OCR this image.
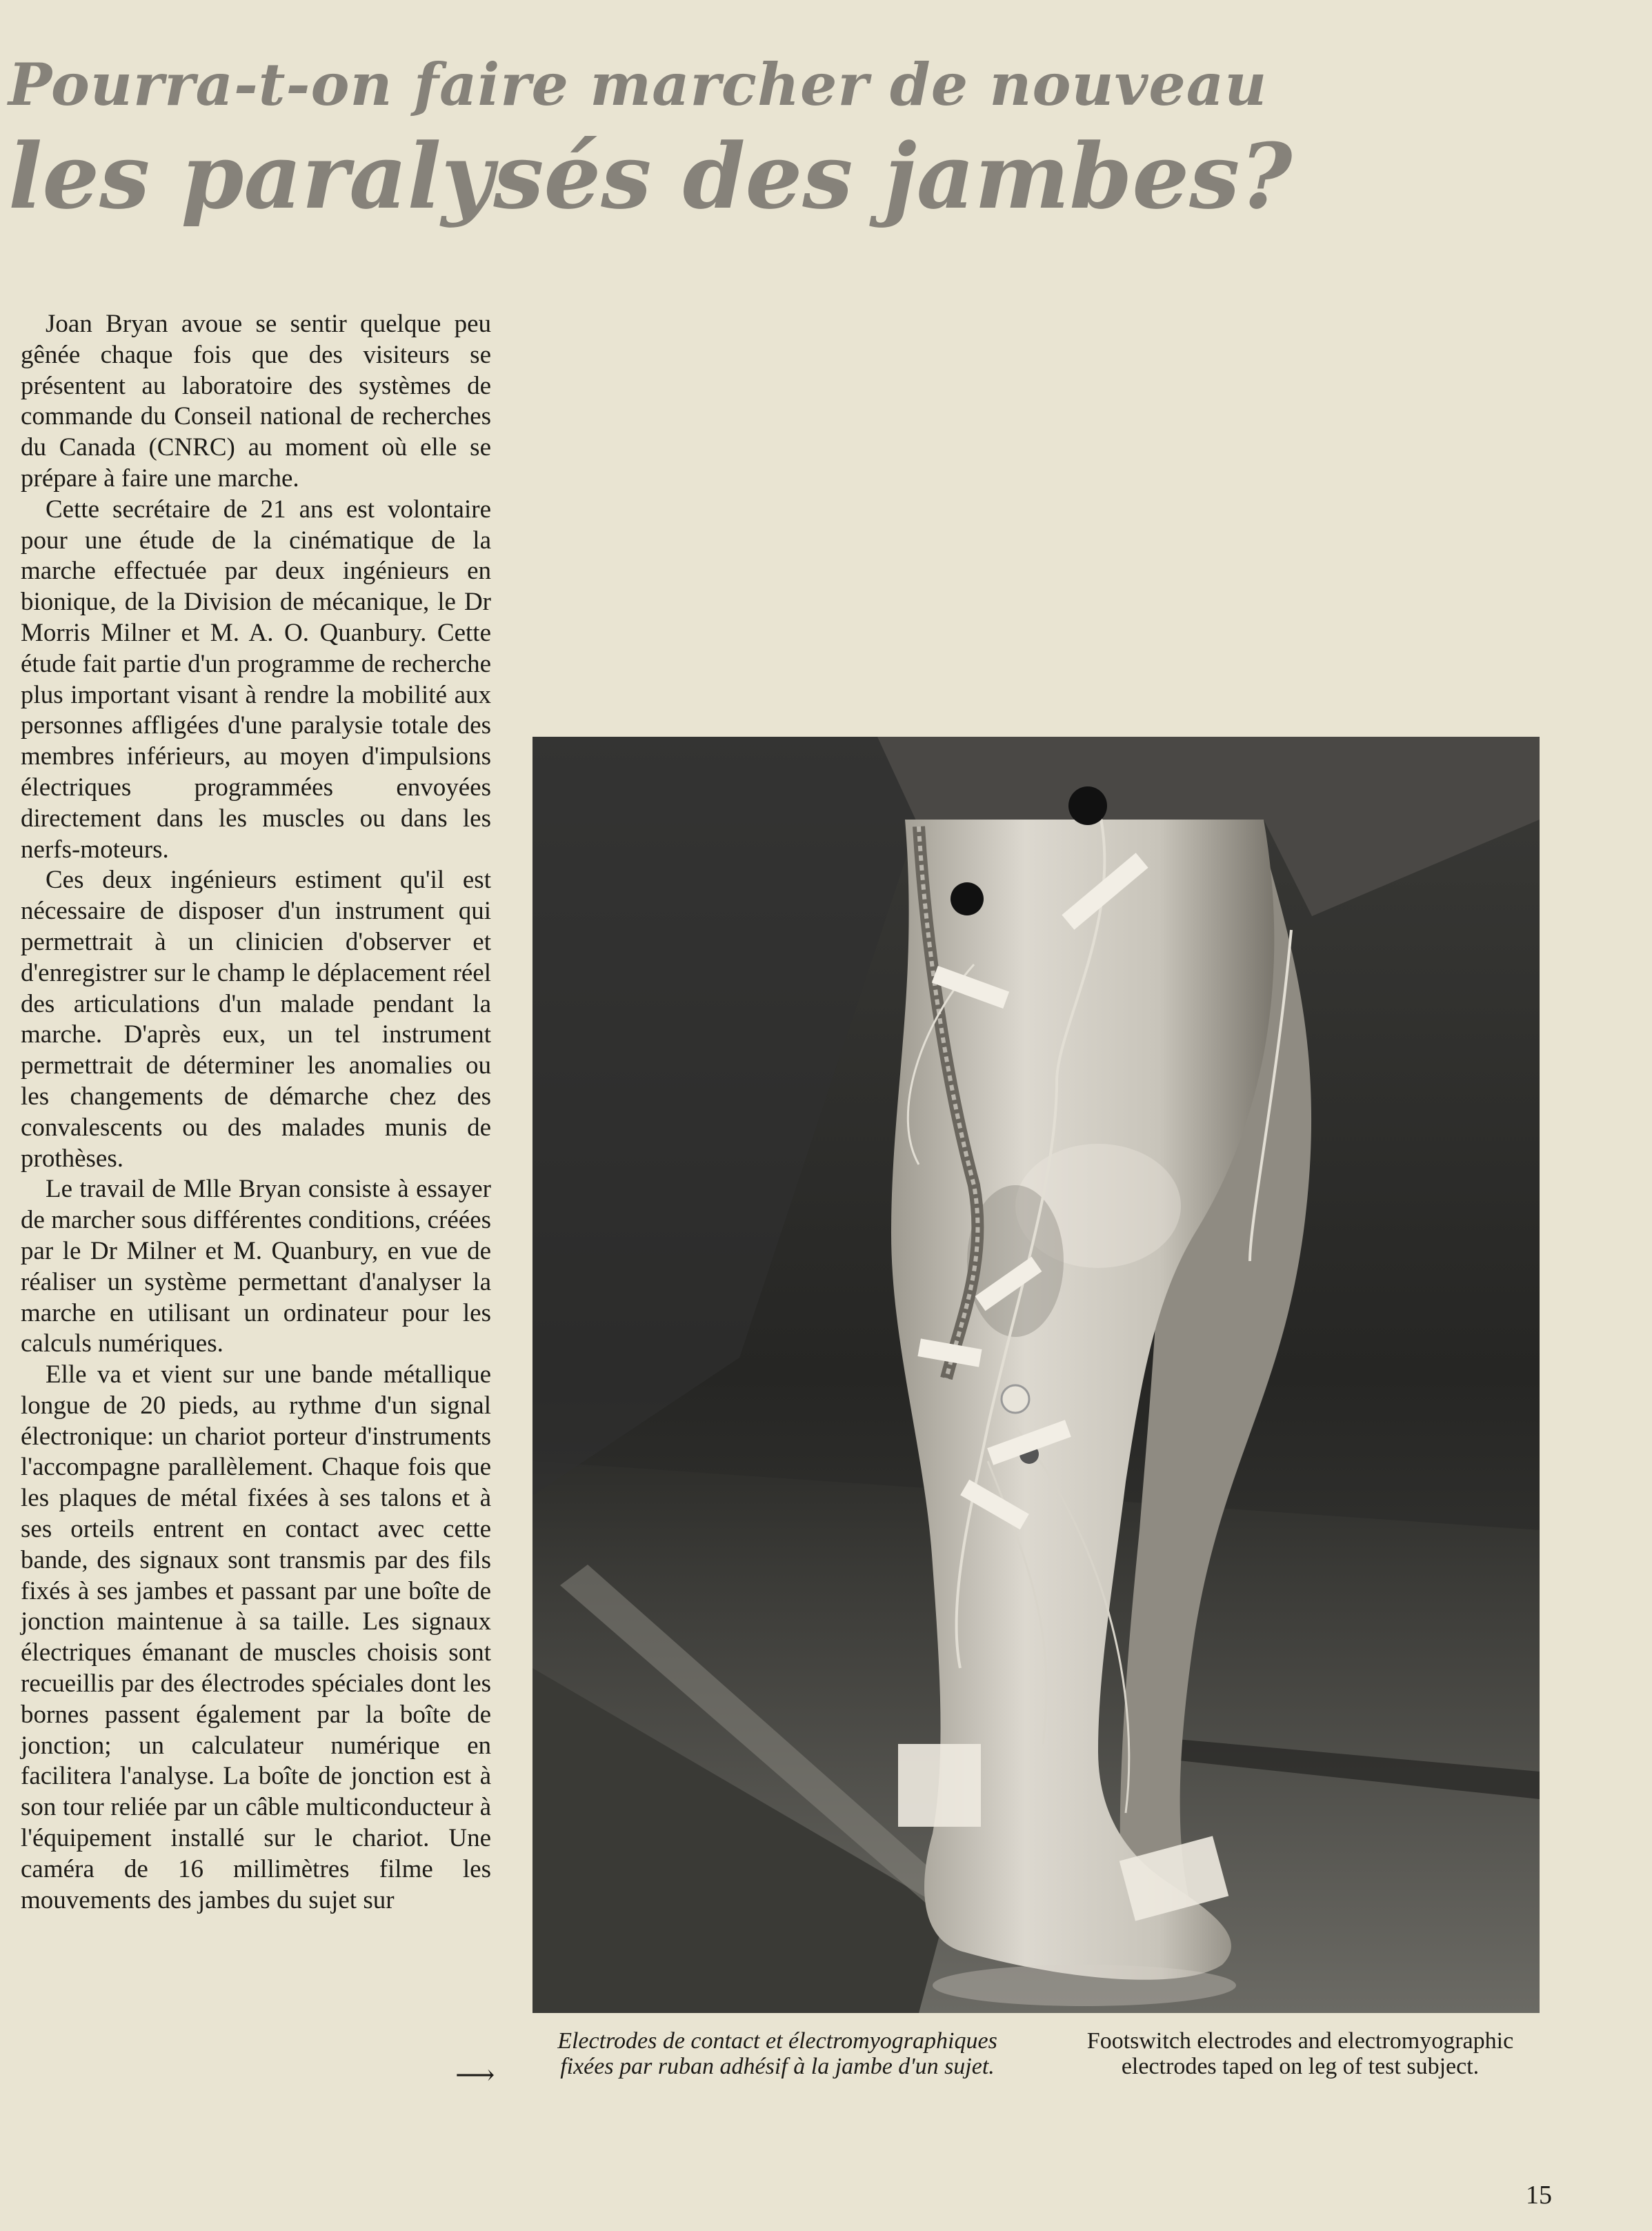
Pourra-t-on faire marcher de nouveau
les paralysés des jambes?

Joan Bryan avoue se sentir quelque peu gênée chaque fois que des visiteurs se présentent au laboratoire des systèmes de commande du Conseil national de recherches du Canada (CNRC) au moment où elle se prépare à faire une marche.

Cette secrétaire de 21 ans est volontaire pour une étude de la cinématique de la marche effectuée par deux ingénieurs en bionique, de la Division de mécanique, le Dr Morris Milner et M. A. O. Quanbury. Cette étude fait partie d'un programme de recherche plus important visant à rendre la mobilité aux personnes affligées d'une paralysie totale des membres inférieurs, au moyen d'impulsions électriques programmées envoyées directement dans les muscles ou dans les nerfs-moteurs.

Ces deux ingénieurs estiment qu'il est nécessaire de disposer d'un instrument qui permettrait à un clinicien d'observer et d'enregistrer sur le champ le déplacement réel des articulations d'un malade pendant la marche. D'après eux, un tel instrument permettrait de déterminer les anomalies ou les changements de démarche chez des convalescents ou des malades munis de prothèses.

Le travail de Mlle Bryan consiste à essayer de marcher sous différentes conditions, créées par le Dr Milner et M. Quanbury, en vue de réaliser un système permettant d'analyser la marche en utilisant un ordinateur pour les calculs numériques.

Elle va et vient sur une bande métallique longue de 20 pieds, au rythme d'un signal électronique: un chariot porteur d'instruments l'accompagne parallèlement. Chaque fois que les plaques de métal fixées à ses talons et à ses orteils entrent en contact avec cette bande, des signaux sont transmis par des fils fixés à ses jambes et passant par une boîte de jonction maintenue à sa taille. Les signaux électriques émanant de muscles choisis sont recueillis par des électrodes spéciales dont les bornes passent également par la boîte de jonction; un calculateur numérique en facilitera l'analyse. La boîte de jonction est à son tour reliée par un câble multiconducteur à l'équipement installé sur le chariot. Une caméra de 16 millimètres filme les mouvements des jambes du sujet sur

⟶
Electrodes de contact et électromyographiques fixées par ruban adhésif à la jambe d'un sujet.
Footswitch electrodes and electromyographic electrodes taped on leg of test subject.
15
